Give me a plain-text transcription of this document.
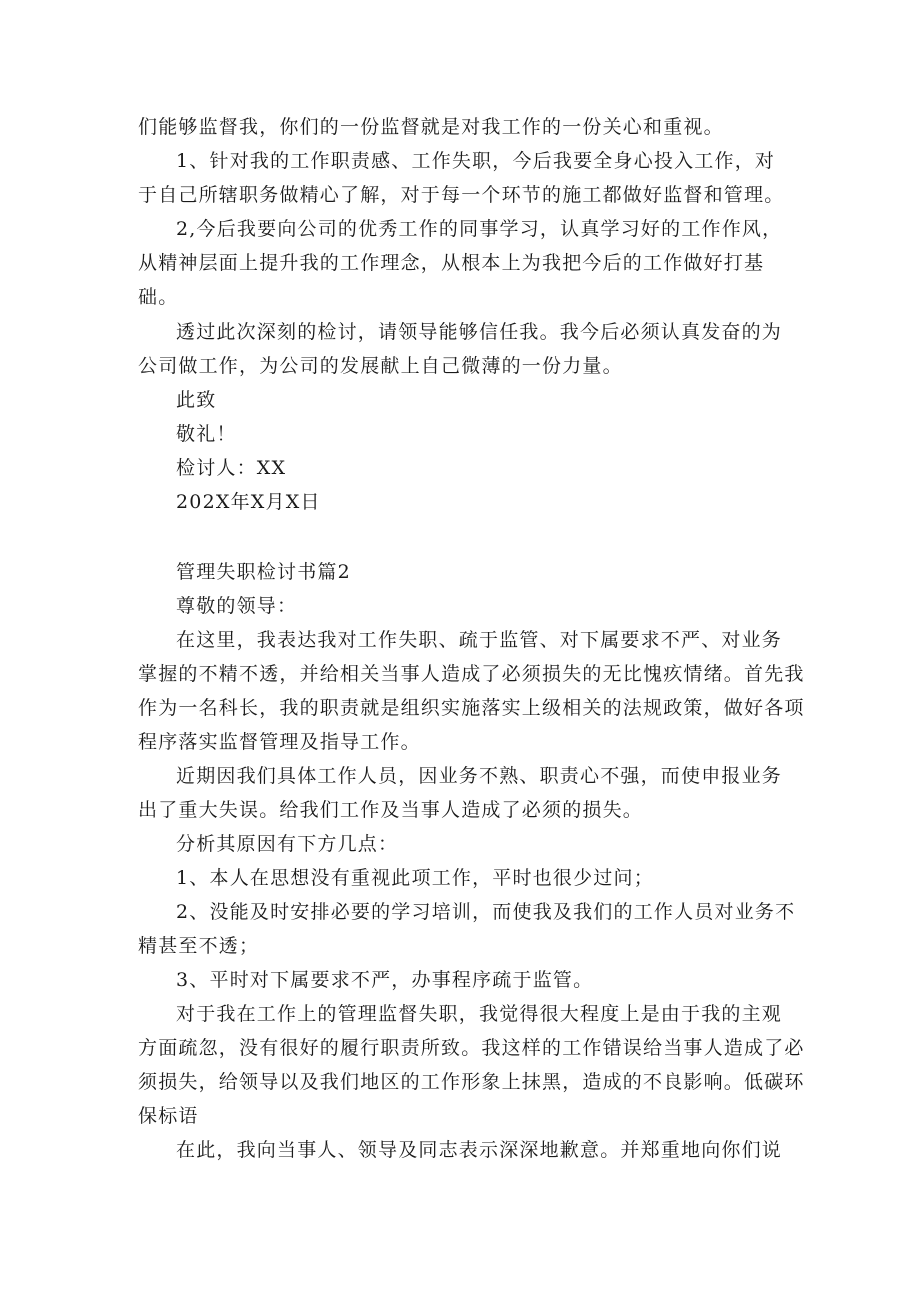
们能够监督我，你们的一份监督就是对我工作的一份关心和重视。
1、针对我的工作职责感、工作失职，今后我要全身心投入工作，对
于自己所辖职务做精心了解，对于每一个环节的施工都做好监督和管理。
2,今后我要向公司的优秀工作的同事学习，认真学习好的工作作风，
从精神层面上提升我的工作理念，从根本上为我把今后的工作做好打基
础。
透过此次深刻的检讨，请领导能够信任我。我今后必须认真发奋的为
公司做工作，为公司的发展献上自己微薄的一份力量。
此致
敬礼！
检讨人：XX
202X年X月X日
管理失职检讨书篇2
尊敬的领导：
在这里，我表达我对工作失职、疏于监管、对下属要求不严、对业务
掌握的不精不透，并给相关当事人造成了必须损失的无比愧疚情绪。首先我
作为一名科长，我的职责就是组织实施落实上级相关的法规政策，做好各项
程序落实监督管理及指导工作。
近期因我们具体工作人员，因业务不熟、职责心不强，而使申报业务
出了重大失误。给我们工作及当事人造成了必须的损失。
分析其原因有下方几点：
1、本人在思想没有重视此项工作，平时也很少过问；
2、没能及时安排必要的学习培训，而使我及我们的工作人员对业务不
精甚至不透；
3、平时对下属要求不严，办事程序疏于监管。
对于我在工作上的管理监督失职，我觉得很大程度上是由于我的主观
方面疏忽，没有很好的履行职责所致。我这样的工作错误给当事人造成了必
须损失，给领导以及我们地区的工作形象上抹黑，造成的不良影响。低碳环
保标语
在此，我向当事人、领导及同志表示深深地歉意。并郑重地向你们说
